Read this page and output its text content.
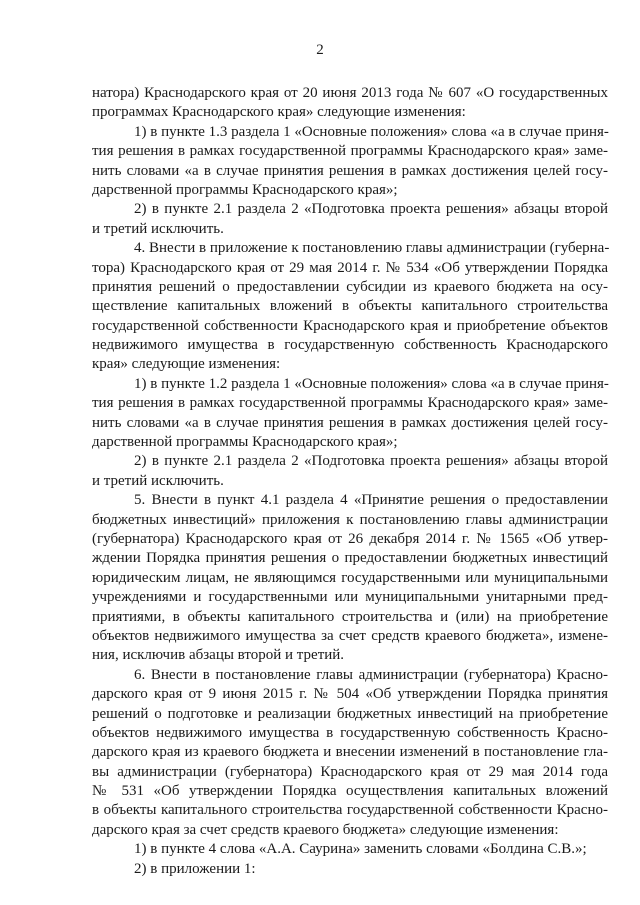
2
натора) Краснодарского края от 20 июня 2013 года № 607 «О государственных
программах Краснодарского края» следующие изменения:
1) в пункте 1.3 раздела 1 «Основные положения» слова «а в случае приня-
тия решения в рамках государственной программы Краснодарского края» заме-
нить словами «а в случае принятия решения в рамках достижения целей госу-
дарственной программы Краснодарского края»;
2) в пункте 2.1 раздела 2 «Подготовка проекта решения» абзацы второй
и третий исключить.
4. Внести в приложение к постановлению главы администрации (губерна-
тора) Краснодарского края от 29 мая 2014 г. № 534 «Об утверждении Порядка
принятия решений о предоставлении субсидии из краевого бюджета на осу-
ществление капитальных вложений в объекты капитального строительства
государственной собственности Краснодарского края и приобретение объектов
недвижимого имущества в государственную собственность Краснодарского
края» следующие изменения:
1) в пункте 1.2 раздела 1 «Основные положения» слова «а в случае приня-
тия решения в рамках государственной программы Краснодарского края» заме-
нить словами «а в случае принятия решения в рамках достижения целей госу-
дарственной программы Краснодарского края»;
2) в пункте 2.1 раздела 2 «Подготовка проекта решения» абзацы второй
и третий исключить.
5. Внести в пункт 4.1 раздела 4 «Принятие решения о предоставлении
бюджетных инвестиций» приложения к постановлению главы администрации
(губернатора) Краснодарского края от 26 декабря 2014 г. № 1565 «Об утвер-
ждении Порядка принятия решения о предоставлении бюджетных инвестиций
юридическим лицам, не являющимся государственными или муниципальными
учреждениями и государственными или муниципальными унитарными пред-
приятиями, в объекты капитального строительства и (или) на приобретение
объектов недвижимого имущества за счет средств краевого бюджета», измене-
ния, исключив абзацы второй и третий.
6. Внести в постановление главы администрации (губернатора) Красно-
дарского края от 9 июня 2015 г. № 504 «Об утверждении Порядка принятия
решений о подготовке и реализации бюджетных инвестиций на приобретение
объектов недвижимого имущества в государственную собственность Красно-
дарского края из краевого бюджета и внесении изменений в постановление гла-
вы администрации (губернатора) Краснодарского края от 29 мая 2014 года
№ 531 «Об утверждении Порядка осуществления капитальных вложений
в объекты капитального строительства государственной собственности Красно-
дарского края за счет средств краевого бюджета» следующие изменения:
1) в пункте 4 слова «А.А. Саурина» заменить словами «Болдина С.В.»;
2) в приложении 1:
